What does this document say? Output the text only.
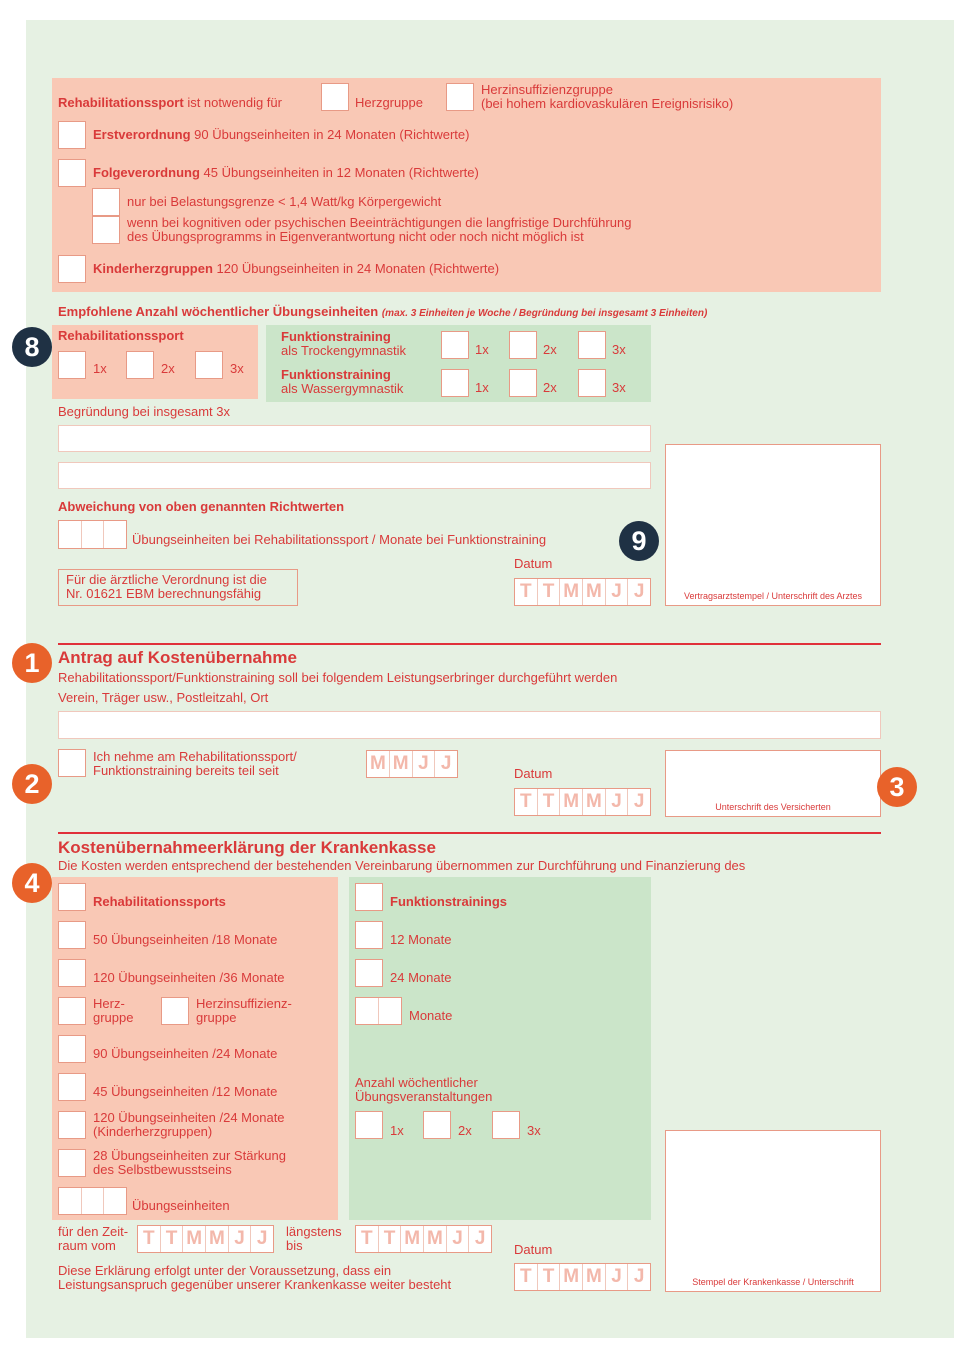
Rehabilitationssport ist notwendig für	Herzgruppe
Herzinsuffizienzgruppe
(bei hohem kardiovaskulären Ereignisrisiko)
Erstverordnung 90 Übungseinheiten in 24 Monaten (Richtwerte)
Folgeverordnung 45 Übungseinheiten in 12 Monaten (Richtwerte)
nur bei Belastungsgrenze < 1,4 Watt/kg Körpergewicht
wenn bei kognitiven oder psychischen Beeinträchtigungen die langfristige Durchführung
des Übungsprogramms in Eigenverantwortung nicht oder noch nicht möglich ist
Kinderherzgruppen 120 Übungseinheiten in 24 Monaten (Richtwerte)
Empfohlene Anzahl wöchentlicher Übungseinheiten (max. 3 Einheiten je Woche / Begründung bei insgesamt 3 Einheiten)
8	Rehabilitationssport
1x	2x	3x
Funktionstraining
als Trockengymnastik	1x	2x	3x
Funktionstraining
als Wassergymnastik	1x	2x	3x
Begründung bei insgesamt 3x
Vertragsarztstempel / Unterschrift des Arztes
Abweichung von oben genannten Richtwerten
Übungseinheiten bei Rehabilitationssport / Monate bei Funktionstraining	9
Für die ärztliche Verordnung ist die
Nr. 01621 EBM berechnungsfähig
Datum
T T M M J J
1	Antrag auf Kostenübernahme
Rehabilitationssport/Funktionstraining soll bei folgendem Leistungserbringer durchgeführt werden
Verein, Träger usw., Postleitzahl, Ort
2
Ich nehme am Rehabilitationssport/
Funktionstraining bereits teil seit	M M J J	Datum
T T M M J J	Unterschrift des Versicherten
3
Kostenübernahmeerklärung der Krankenkasse
Die Kosten werden entsprechend der bestehenden Vereinbarung übernommen zur Durchführung und Finanzierung des
4
Rehabilitationssports
50 Übungseinheiten /18 Monate
120 Übungseinheiten /36 Monate
Herz-
gruppe
Herzinsuffizienz-
gruppe
90 Übungseinheiten /24 Monate
45 Übungseinheiten /12 Monate
120 Übungseinheiten /24 Monate
(Kinderherzgruppen)
28 Übungseinheiten zur Stärkung
des Selbstbewusstseins
Übungseinheiten
Funktionstrainings
12 Monate
24 Monate
Monate
Anzahl wöchentlicher
Übungsveranstaltungen
1x	2x	3x
Stempel der Krankenkasse / Unterschrift
für den Zeit-
raum vom	T T M M J J	längstens
bis	T T M M J J
Datum
T T M M J J
Diese Erklärung erfolgt unter der Voraussetzung, dass ein
Leistungsanspruch gegenüber unserer Krankenkasse weiter besteht
